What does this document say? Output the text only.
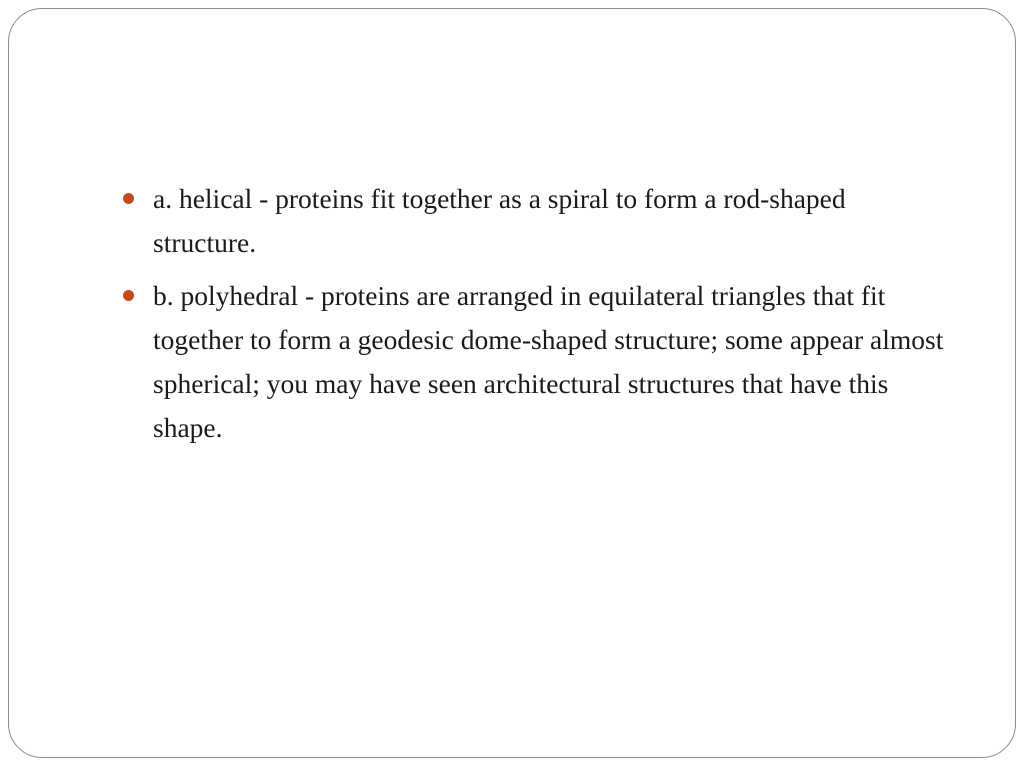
a. helical - proteins fit together as a spiral to form a rod-shaped structure.
b. polyhedral - proteins are arranged in equilateral triangles that fit together to form a geodesic dome-shaped structure; some appear almost spherical; you may have seen architectural structures that have this shape.
